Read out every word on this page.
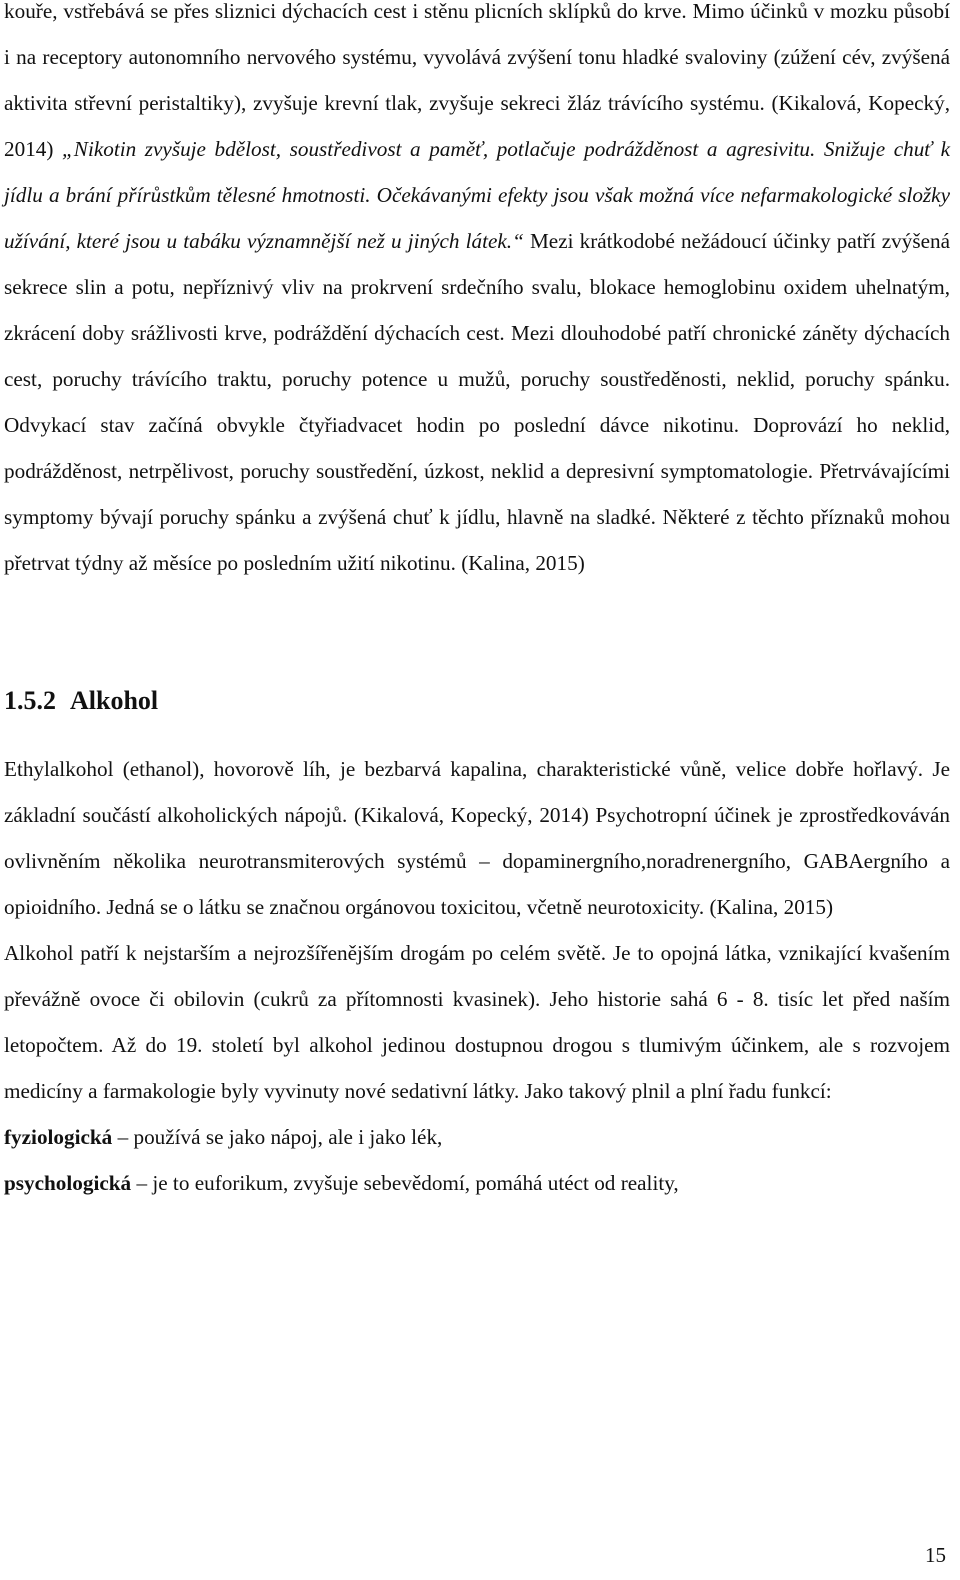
kouře, vstřebává se přes sliznici dýchacích cest i stěnu plicních sklípků do krve. Mimo účinků v mozku působí i na receptory autonomního nervového systému, vyvolává zvýšení tonu hladké svaloviny (zúžení cév, zvýšená aktivita střevní peristaltiky), zvyšuje krevní tlak, zvyšuje sekreci žláz trávícího systému. (Kikalová, Kopecký, 2014) „Nikotin zvyšuje bdělost, soustředivost a paměť, potlačuje podrážděnost a agresivitu. Snižuje chuť k jídlu a brání přírůstkům tělesné hmotnosti. Očekávanými efekty jsou však možná více nefarmakologické složky užívání, které jsou u tabáku významnější než u jiných látek.“ Mezi krátkodobé nežádoucí účinky patří zvýšená sekrece slin a potu, nepříznivý vliv na prokrvení srdečního svalu, blokace hemoglobinu oxidem uhelnatým, zkrácení doby srážlivosti krve, podráždění dýchacích cest. Mezi dlouhodobé patří chronické záněty dýchacích cest, poruchy trávícího traktu, poruchy potence u mužů, poruchy soustředěnosti, neklid, poruchy spánku. Odvykací stav začíná obvykle čtyřiadvacet hodin po poslední dávce nikotinu. Doprovází ho neklid, podrážděnost, netrpělivost, poruchy soustředění, úzkost, neklid a depresivní symptomatologie. Přetrvávajícími symptomy bývají poruchy spánku a zvýšená chuť k jídlu, hlavně na sladké. Některé z těchto příznaků mohou přetrvat týdny až měsíce po posledním užití nikotinu. (Kalina, 2015)

1.5.2 Alkohol

Ethylalkohol (ethanol), hovorově líh, je bezbarvá kapalina, charakteristické vůně, velice dobře hořlavý. Je základní součástí alkoholických nápojů. (Kikalová, Kopecký, 2014) Psychotropní účinek je zprostředkováván ovlivněním několika neurotransmiterových systémů – dopaminergního,noradrenergního, GABAergního a opioidního. Jedná se o látku se značnou orgánovou toxicitou, včetně neurotoxicity. (Kalina, 2015)

Alkohol patří k nejstarším a nejrozšířenějším drogám po celém světě. Je to opojná látka, vznikající kvašením převážně ovoce či obilovin (cukrů za přítomnosti kvasinek). Jeho historie sahá 6 - 8. tisíc let před naším letopočtem. Až do 19. století byl alkohol jedinou dostupnou drogou s tlumivým účinkem, ale s rozvojem medicíny a farmakologie byly vyvinuty nové sedativní látky. Jako takový plnil a plní řadu funkcí:

fyziologická – používá se jako nápoj, ale i jako lék,
psychologická – je to euforikum, zvyšuje sebevědomí, pomáhá utéct od reality,
15
